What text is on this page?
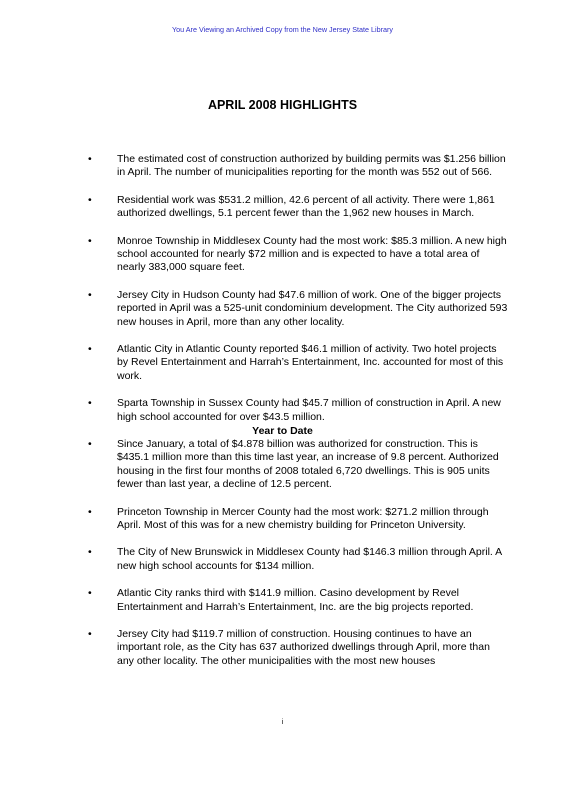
You Are Viewing an Archived Copy from the New Jersey State Library
APRIL 2008 HIGHLIGHTS
• The estimated cost of construction authorized by building permits was $1.256 billion in April. The number of municipalities reporting for the month was 552 out of 566.
• Residential work was $531.2 million, 42.6 percent of all activity. There were 1,861 authorized dwellings, 5.1 percent fewer than the 1,962 new houses in March.
• Monroe Township in Middlesex County had the most work: $85.3 million. A new high school accounted for nearly $72 million and is expected to have a total area of nearly 383,000 square feet.
• Jersey City in Hudson County had $47.6 million of work. One of the bigger projects reported in April was a 525-unit condominium development. The City authorized 593 new houses in April, more than any other locality.
• Atlantic City in Atlantic County reported $46.1 million of activity. Two hotel projects by Revel Entertainment and Harrah’s Entertainment, Inc. accounted for most of this work.
• Sparta Township in Sussex County had $45.7 million of construction in April. A new high school accounted for over $43.5 million.
Year to Date
• Since January, a total of $4.878 billion was authorized for construction. This is $435.1 million more than this time last year, an increase of 9.8 percent. Authorized housing in the first four months of 2008 totaled 6,720 dwellings. This is 905 units fewer than last year, a decline of 12.5 percent.
• Princeton Township in Mercer County had the most work: $271.2 million through April. Most of this was for a new chemistry building for Princeton University.
• The City of New Brunswick in Middlesex County had $146.3 million through April. A new high school accounts for $134 million.
• Atlantic City ranks third with $141.9 million. Casino development by Revel Entertainment and Harrah’s Entertainment, Inc. are the big projects reported.
• Jersey City had $119.7 million of construction. Housing continues to have an important role, as the City has 637 authorized dwellings through April, more than any other locality. The other municipalities with the most new houses
i
